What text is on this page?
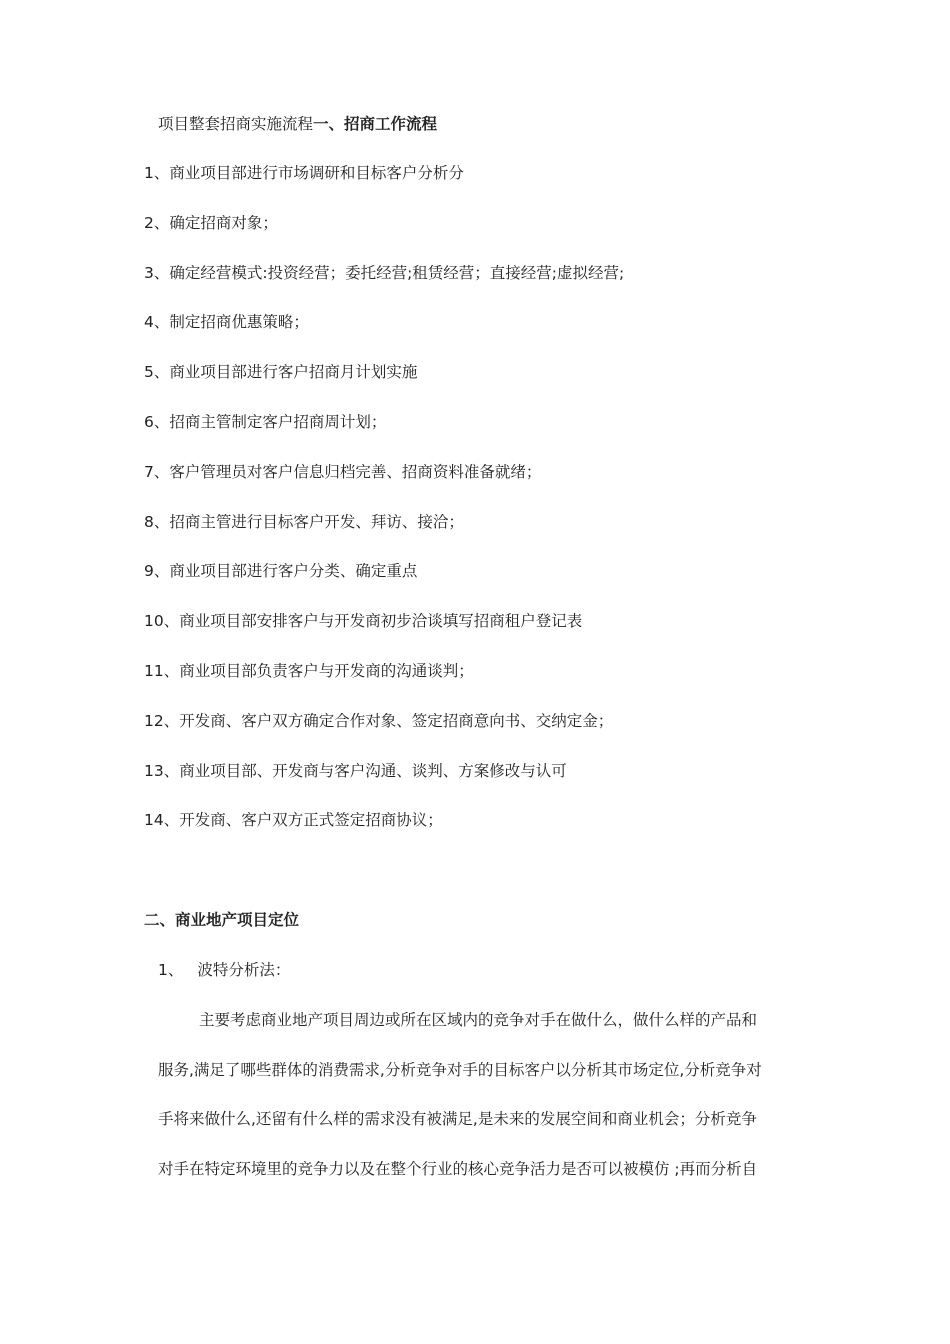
项目整套招商实施流程一、招商工作流程
1、商业项目部进行市场调研和目标客户分析分
2、确定招商对象；
3、确定经营模式:投资经营；委托经营;租赁经营；直接经营;虚拟经营;
4、制定招商优惠策略；
5、商业项目部进行客户招商月计划实施
6、招商主管制定客户招商周计划；
7、客户管理员对客户信息归档完善、招商资料准备就绪；
8、招商主管进行目标客户开发、拜访、接洽；
9、商业项目部进行客户分类、确定重点
10、商业项目部安排客户与开发商初步洽谈填写招商租户登记表
11、商业项目部负责客户与开发商的沟通谈判；
12、开发商、客户双方确定合作对象、签定招商意向书、交纳定金；
13、商业项目部、开发商与客户沟通、谈判、方案修改与认可
14、开发商、客户双方正式签定招商协议；
二、商业地产项目定位
1、 波特分析法：
主要考虑商业地产项目周边或所在区域内的竞争对手在做什么，做什么样的产品和
服务,满足了哪些群体的消费需求,分析竞争对手的目标客户以分析其市场定位,分析竞争对
手将来做什么,还留有什么样的需求没有被满足,是未来的发展空间和商业机会；分析竞争
对手在特定环境里的竞争力以及在整个行业的核心竞争活力是否可以被模仿 ;再而分析自
